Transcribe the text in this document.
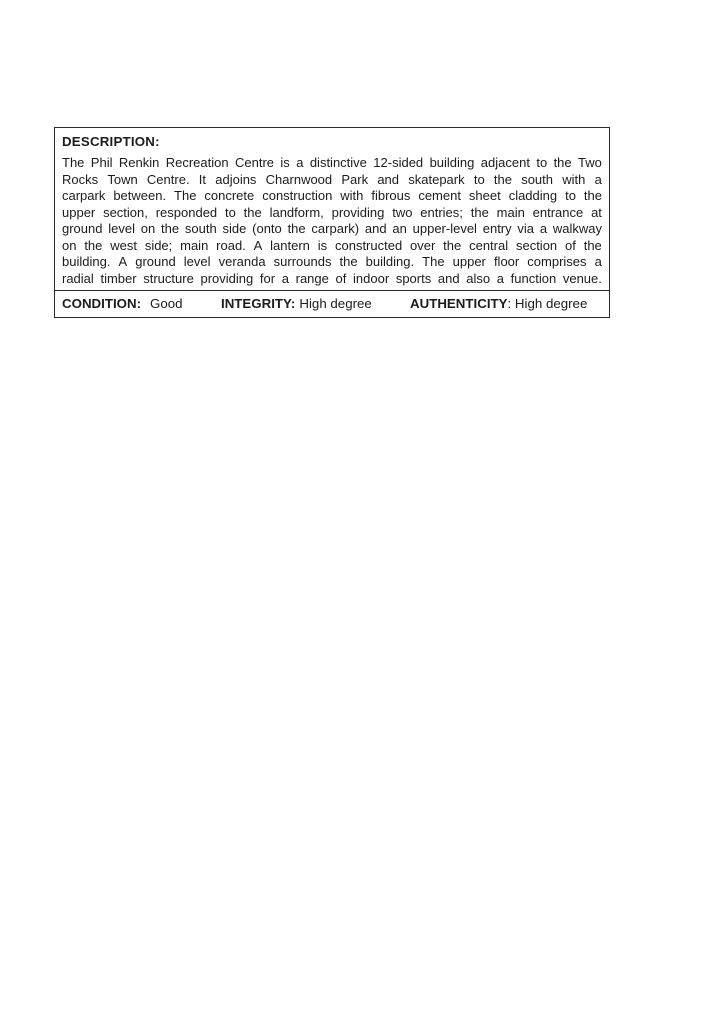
DESCRIPTION:
The Phil Renkin Recreation Centre is a distinctive 12-sided building adjacent to the Two
Rocks Town Centre. It adjoins Charnwood Park and skatepark to the south with a
carpark between. The concrete construction with fibrous cement sheet cladding to the
upper section, responded to the landform, providing two entries; the main entrance at
ground level on the south side (onto the carpark) and an upper-level entry via a walkway
on the west side; main road. A lantern is constructed over the central section of the
building. A ground level veranda surrounds the building. The upper floor comprises a
radial timber structure providing for a range of indoor sports and also a function venue.
CONDITION: Good	INTEGRITY: High degree	AUTHENTICITY: High degree
